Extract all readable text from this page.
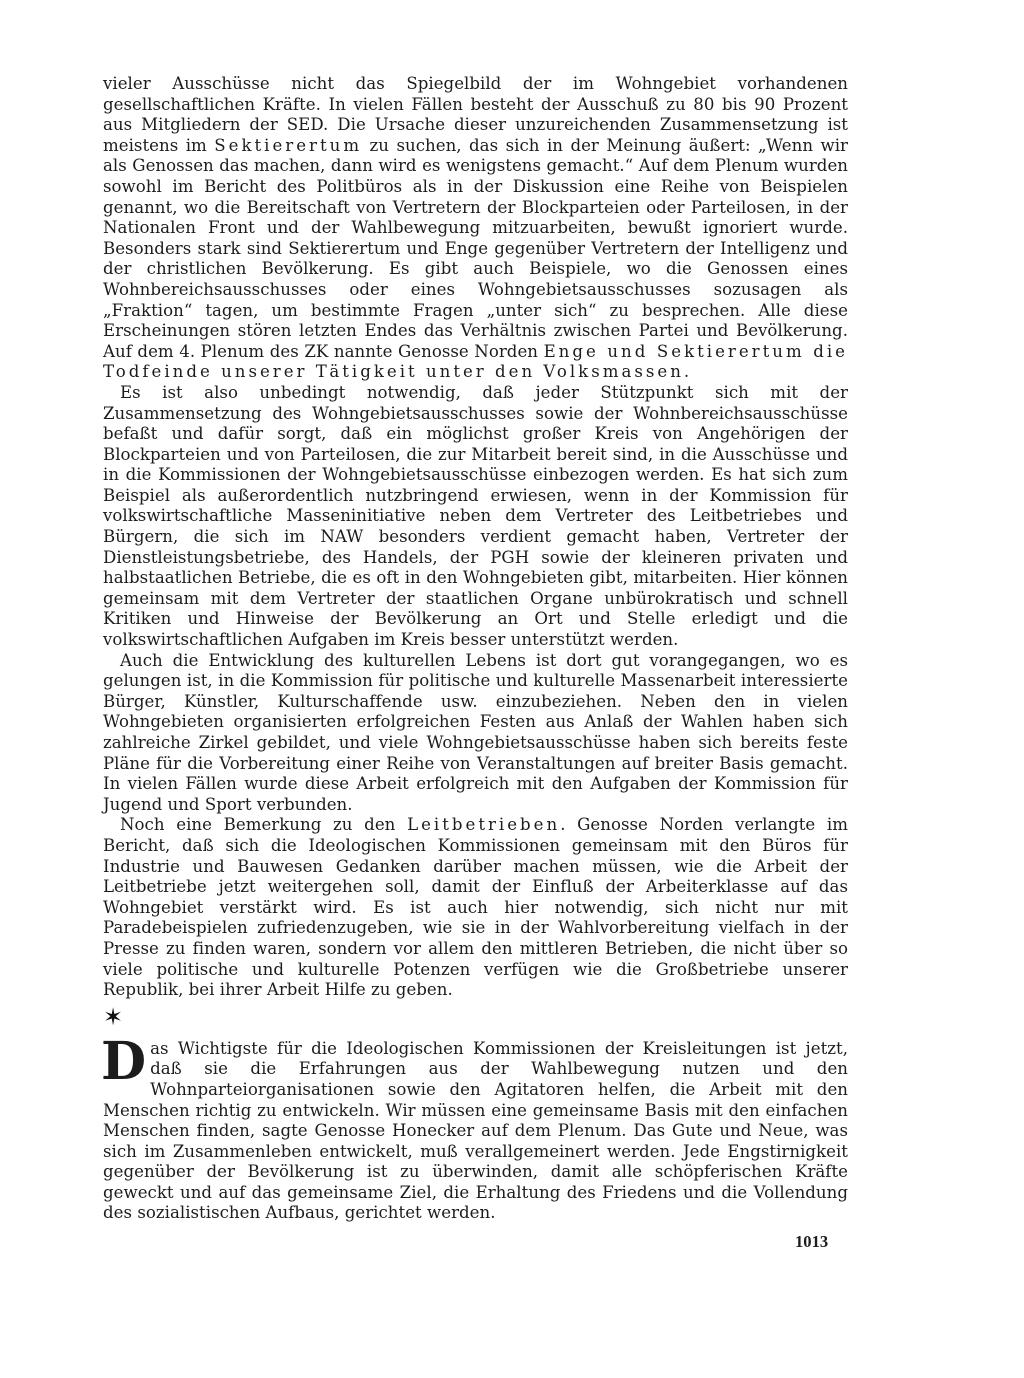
vieler Ausschüsse nicht das Spiegelbild der im Wohngebiet vorhandenen gesellschaftlichen Kräfte. In vielen Fällen besteht der Ausschuß zu 80 bis 90 Prozent aus Mitgliedern der SED. Die Ursache dieser unzureichenden Zusammensetzung ist meistens im Sektierertum zu suchen, das sich in der Meinung äußert: „Wenn wir als Genossen das machen, dann wird es wenigstens gemacht.“ Auf dem Plenum wurden sowohl im Bericht des Politbüros als in der Diskussion eine Reihe von Beispielen genannt, wo die Bereitschaft von Vertretern der Blockparteien oder Parteilosen, in der Nationalen Front und der Wahlbewegung mitzuarbeiten, bewußt ignoriert wurde. Besonders stark sind Sektierertum und Enge gegenüber Vertretern der Intelligenz und der christlichen Bevölkerung. Es gibt auch Beispiele, wo die Genossen eines Wohnbereichsausschusses oder eines Wohngebietsausschusses sozusagen als „Fraktion“ tagen, um bestimmte Fragen „unter sich“ zu besprechen. Alle diese Erscheinungen stören letzten Endes das Verhältnis zwischen Partei und Bevölkerung. Auf dem 4. Plenum des ZK nannte Genosse Norden Enge und Sektierertum die Todfeinde unserer Tätigkeit unter den Volksmassen.

Es ist also unbedingt notwendig, daß jeder Stützpunkt sich mit der Zusammensetzung des Wohngebietsausschusses sowie der Wohnbereichsausschüsse befaßt und dafür sorgt, daß ein möglichst großer Kreis von Angehörigen der Blockparteien und von Parteilosen, die zur Mitarbeit bereit sind, in die Ausschüsse und in die Kommissionen der Wohngebietsausschüsse einbezogen werden. Es hat sich zum Beispiel als außerordentlich nutzbringend erwiesen, wenn in der Kommission für volkswirtschaftliche Masseninitiative neben dem Vertreter des Leitbetriebes und Bürgern, die sich im NAW besonders verdient gemacht haben, Vertreter der Dienstleistungsbetriebe, des Handels, der PGH sowie der kleineren privaten und halbstaatlichen Betriebe, die es oft in den Wohngebieten gibt, mitarbeiten. Hier können gemeinsam mit dem Vertreter der staatlichen Organe unbürokratisch und schnell Kritiken und Hinweise der Bevölkerung an Ort und Stelle erledigt und die volkswirtschaftlichen Aufgaben im Kreis besser unterstützt werden.

Auch die Entwicklung des kulturellen Lebens ist dort gut vorangegangen, wo es gelungen ist, in die Kommission für politische und kulturelle Massenarbeit interessierte Bürger, Künstler, Kulturschaffende usw. einzubeziehen. Neben den in vielen Wohngebieten organisierten erfolgreichen Festen aus Anlaß der Wahlen haben sich zahlreiche Zirkel gebildet, und viele Wohngebietsausschüsse haben sich bereits feste Pläne für die Vorbereitung einer Reihe von Veranstaltungen auf breiter Basis gemacht. In vielen Fällen wurde diese Arbeit erfolgreich mit den Aufgaben der Kommission für Jugend und Sport verbunden.

Noch eine Bemerkung zu den Leitbetrieben. Genosse Norden verlangte im Bericht, daß sich die Ideologischen Kommissionen gemeinsam mit den Büros für Industrie und Bauwesen Gedanken darüber machen müssen, wie die Arbeit der Leitbetriebe jetzt weitergehen soll, damit der Einfluß der Arbeiterklasse auf das Wohngebiet verstärkt wird. Es ist auch hier notwendig, sich nicht nur mit Paradebeispielen zufriedenzugeben, wie sie in der Wahlvorbereitung vielfach in der Presse zu finden waren, sondern vor allem den mittleren Betrieben, die nicht über so viele politische und kulturelle Potenzen verfügen wie die Großbetriebe unserer Republik, bei ihrer Arbeit Hilfe zu geben.

✶

Das Wichtigste für die Ideologischen Kommissionen der Kreisleitungen ist jetzt, daß sie die Erfahrungen aus der Wahlbewegung nutzen und den Wohnparteiorganisationen sowie den Agitatoren helfen, die Arbeit mit den Menschen richtig zu entwickeln. Wir müssen eine gemeinsame Basis mit den einfachen Menschen finden, sagte Genosse Honecker auf dem Plenum. Das Gute und Neue, was sich im Zusammenleben entwickelt, muß verallgemeinert werden. Jede Engstirnigkeit gegenüber der Bevölkerung ist zu überwinden, damit alle schöpferischen Kräfte geweckt und auf das gemeinsame Ziel, die Erhaltung des Friedens und die Vollendung des sozialistischen Aufbaus, gerichtet werden.

1013
